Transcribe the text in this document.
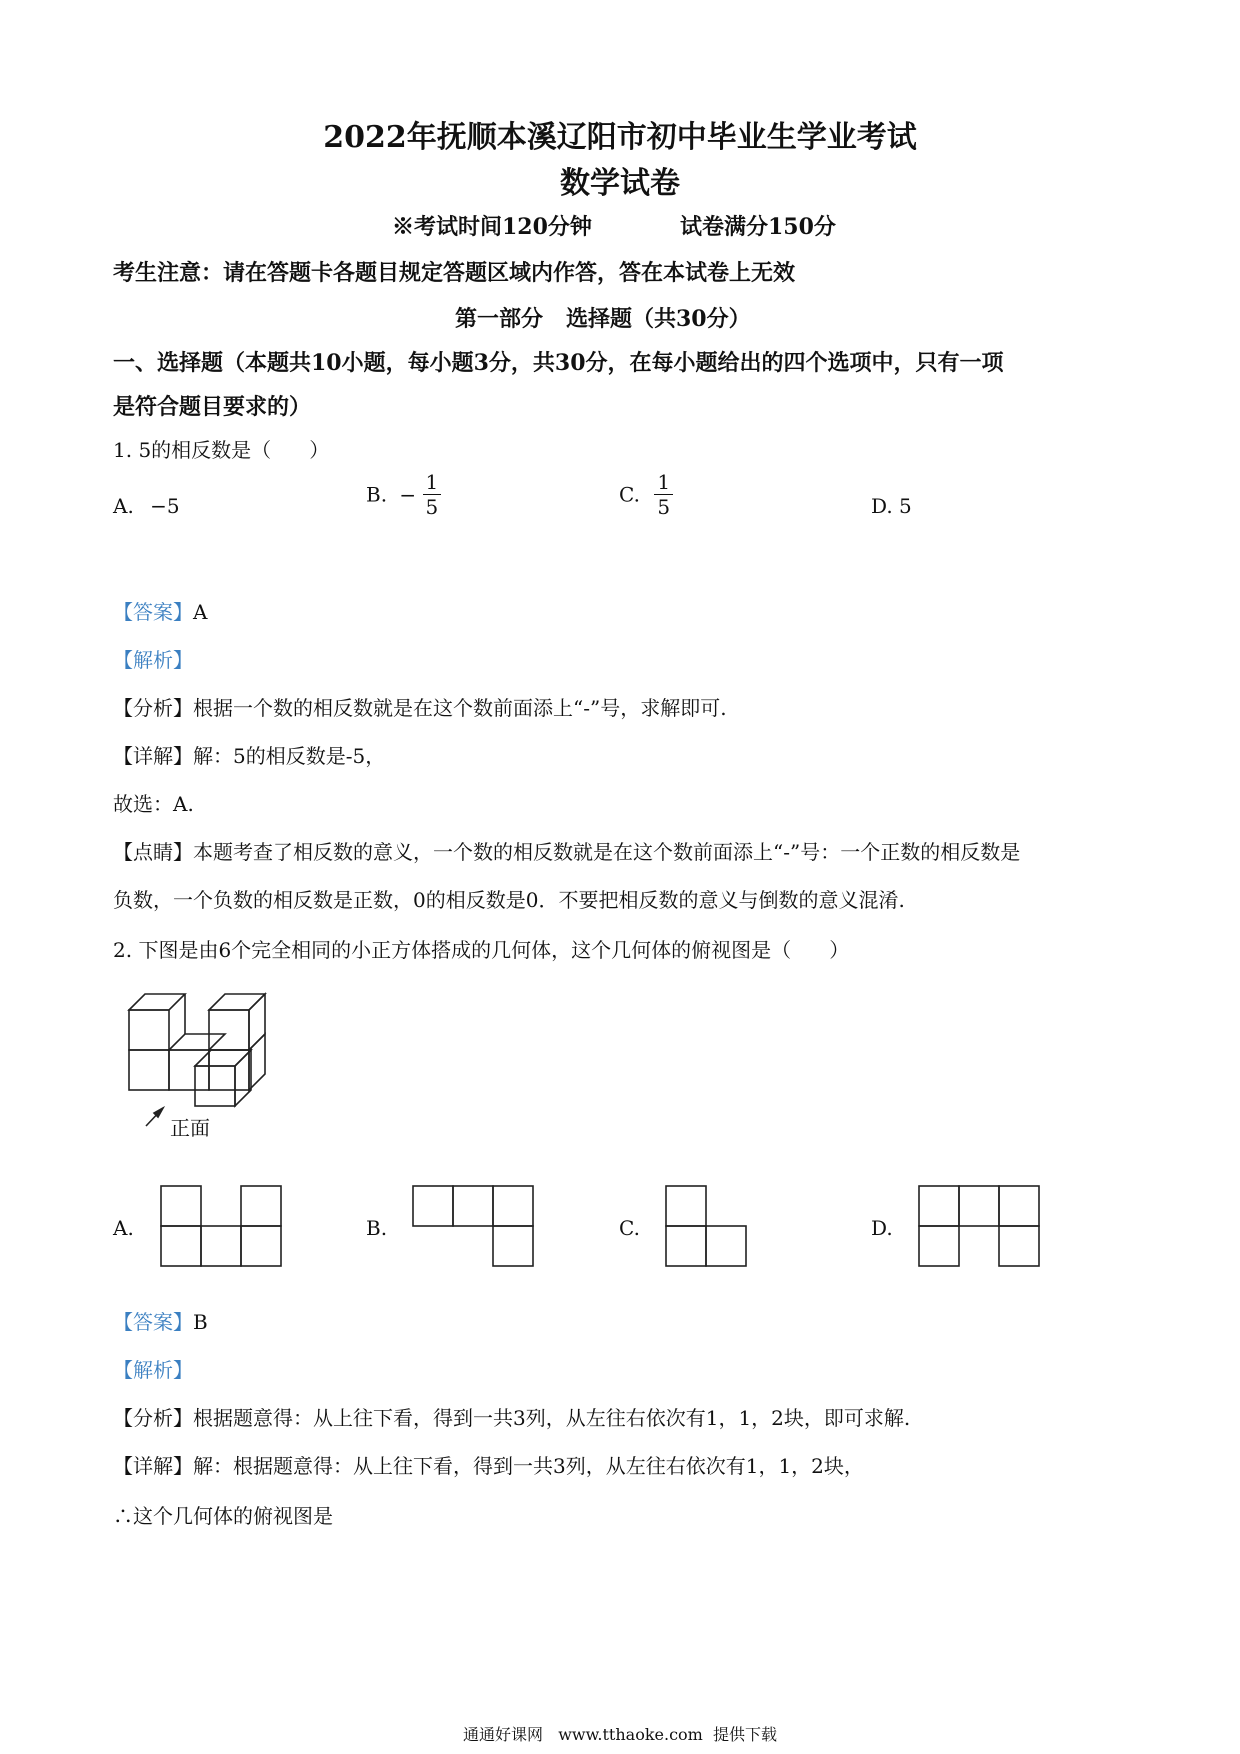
2022年抚顺本溪辽阳市初中毕业生学业考试
数学试卷
※考试时间120分钟	试卷满分150分
考生注意：请在答题卡各题目规定答题区域内作答，答在本试卷上无效
第一部分   选择题（共30分）
一、选择题（本题共10小题，每小题3分，共30分，在每小题给出的四个选项中，只有一项
是符合题目要求的）
1. 5的相反数是（      ）
A. −5	B. − $\frac{1}{5}$	C. $\frac{1}{5}$	D. 5
【答案】A
【解析】
【分析】根据一个数的相反数就是在这个数前面添上“-”号，求解即可.
【详解】解：5的相反数是-5，
故选：A.
【点睛】本题考查了相反数的意义，一个数的相反数就是在这个数前面添上“-”号：一个正数的相反数是
负数，一个负数的相反数是正数，0的相反数是0．不要把相反数的意义与倒数的意义混淆.
2. 下图是由6个完全相同的小正方体搭成的几何体，这个几何体的俯视图是（      ）
正面
A.	B.	C.	D.
【答案】B
【解析】
【分析】根据题意得：从上往下看，得到一共3列，从左往右依次有1，1，2块，即可求解.
【详解】解：根据题意得：从上往下看，得到一共3列，从左往右依次有1，1，2块，
∴这个几何体的俯视图是
通通好课网   www.tthaoke.com  提供下载
